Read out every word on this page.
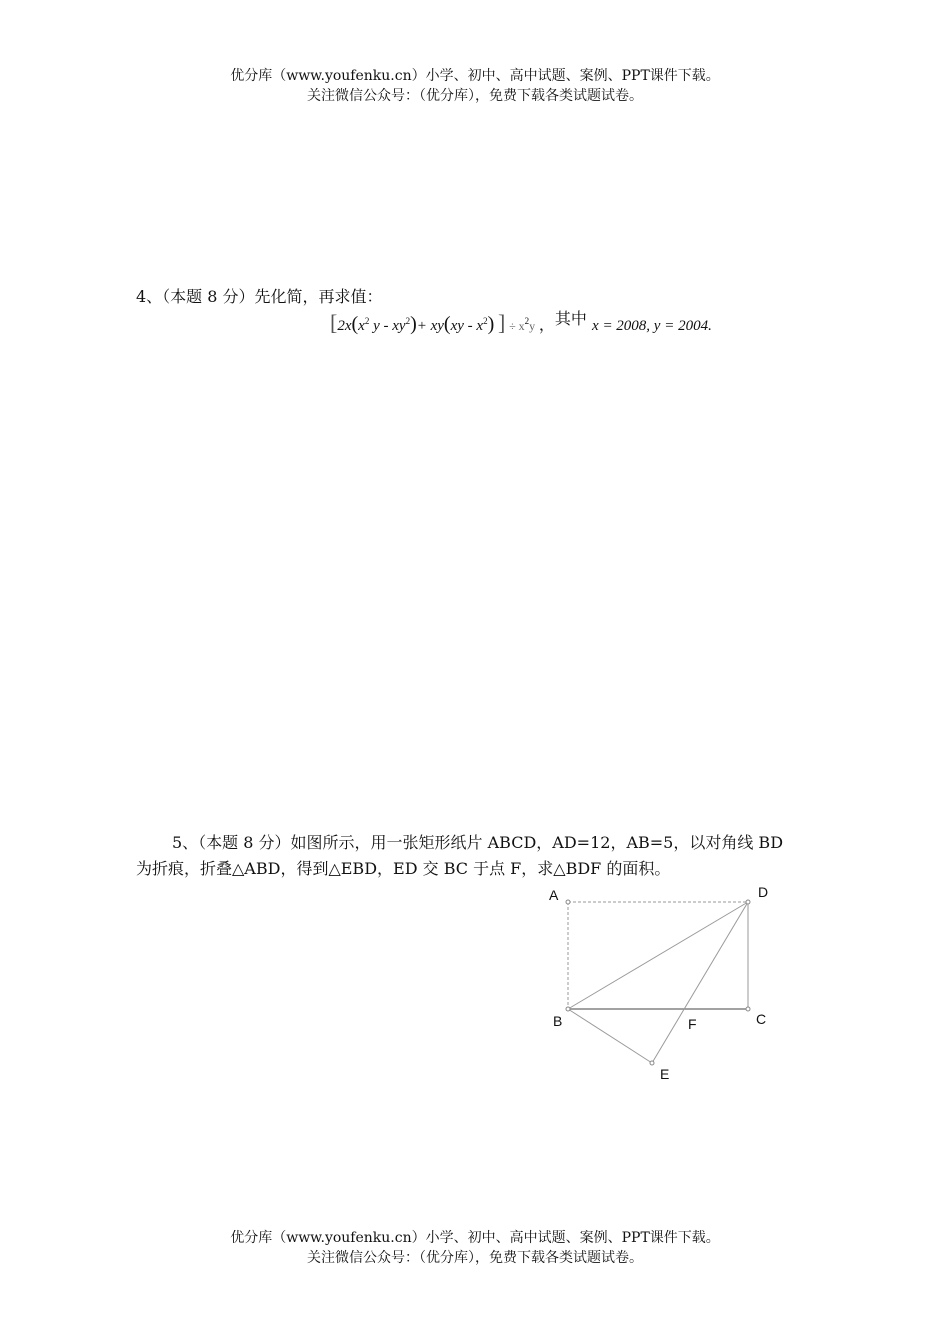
优分库（www.youfenku.cn）小学、初中、高中试题、案例、PPT课件下载。
关注微信公众号：（优分库），免费下载各类试题试卷。
4、（本题 8 分）先化简，再求值：
[$2x(x^2$ $y - xy^2)+ xy(xy - x^2)$ ] ÷ $x^2y$ ，其中 x = 2008, y = 2004.
5、（本题 8 分）如图所示，用一张矩形纸片 ABCD，AD=12，AB=5，以对角线 BD
为折痕，折叠△ABD，得到△EBD，ED 交 BC 于点 F，求△BDF 的面积。
A	D
B	C
F
E
优分库（www.youfenku.cn）小学、初中、高中试题、案例、PPT课件下载。
关注微信公众号：（优分库），免费下载各类试题试卷。
